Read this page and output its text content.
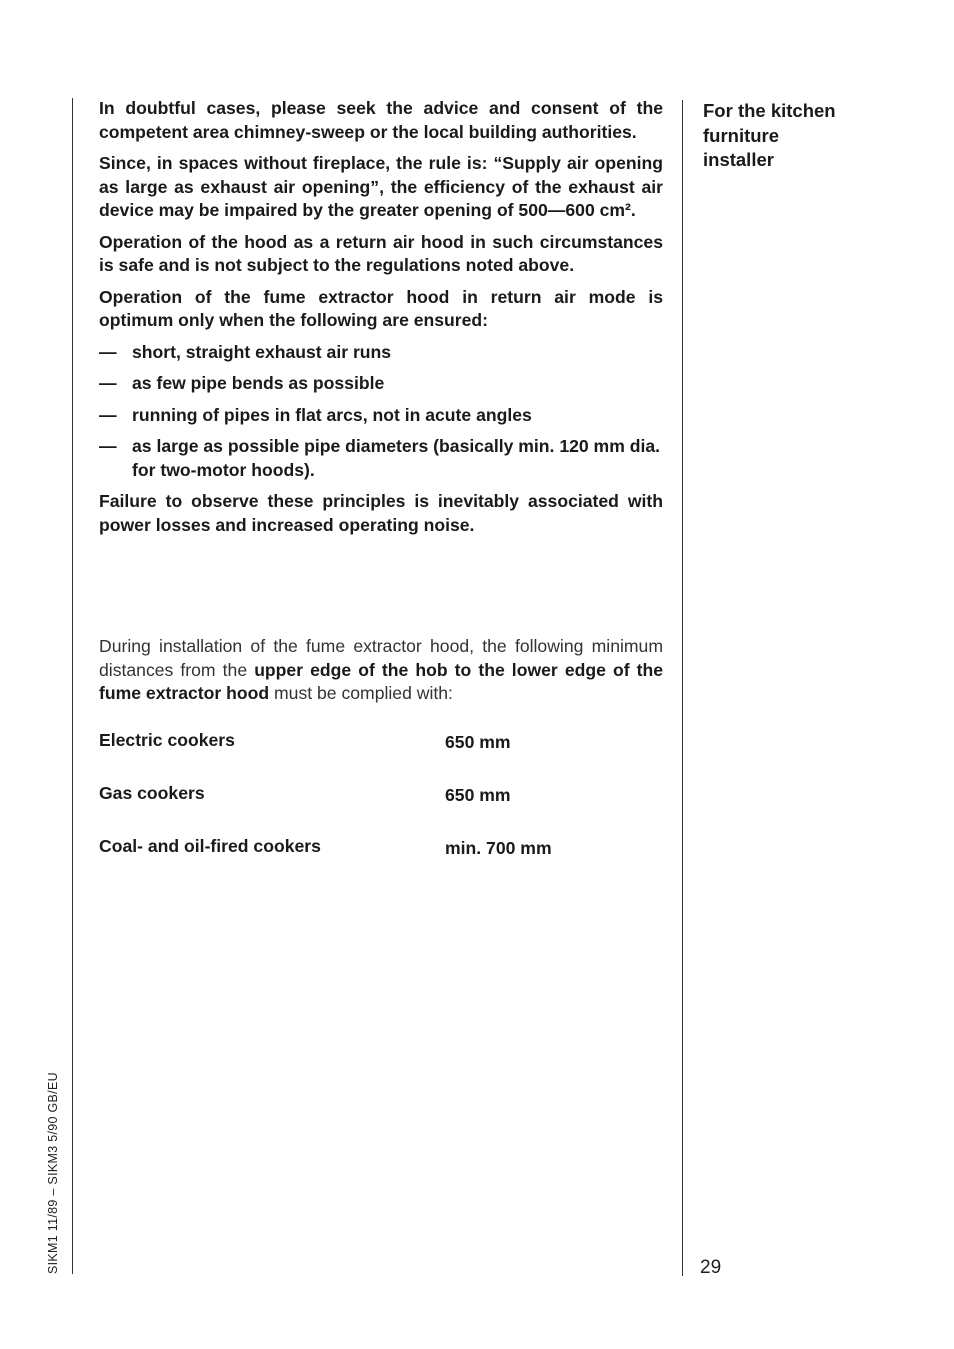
In doubtful cases, please seek the advice and consent of the competent area chimney-sweep or the local building authorities.

Since, in spaces without fireplace, the rule is: “Supply air opening as large as exhaust air opening”, the efficiency of the exhaust air device may be impaired by the greater opening of 500—600 cm².

Operation of the hood as a return air hood in such circumstances is safe and is not subject to the regulations noted above.

Operation of the fume extractor hood in return air mode is optimum only when the following are ensured:

— short, straight exhaust air runs
— as few pipe bends as possible
— running of pipes in flat arcs, not in acute angles
— as large as possible pipe diameters (basically min. 120 mm dia. for two-motor hoods).

Failure to observe these principles is inevitably associated with power losses and increased operating noise.

During installation of the fume extractor hood, the following minimum distances from the upper edge of the hob to the lower edge of the fume extractor hood must be complied with:
Electric cookers	650 mm
Gas cookers	650 mm
Coal- and oil-fired cookers	min. 700 mm
For the kitchen
furniture
installer
SIKM1 11/89 – SIKM3 5/90 GB/EU	29
